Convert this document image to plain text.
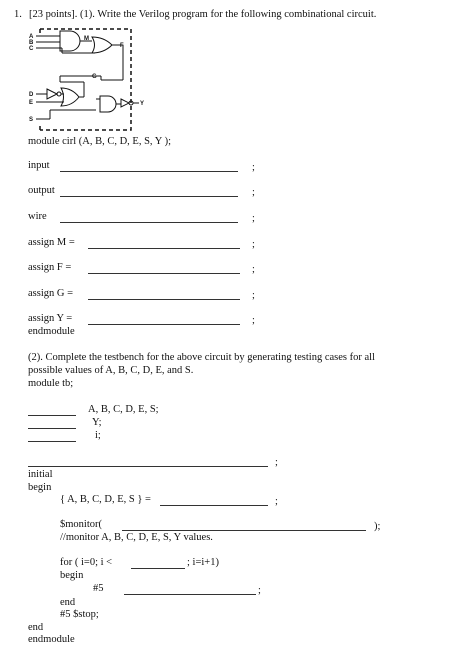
1. [23 points]. (1). Write the Verilog program for the following combinational circuit.
A
B
C
D
E
S
M
F
G
Y
module cirl (A, B, C, D, E, S, Y );
input	;
output	;
wire	;
assign M =	;
assign F =	;
assign G =	;
assign Y =	;
endmodule
(2). Complete the testbench for the above circuit by generating testing cases for all
possible values of A, B, C, D, E, and S.
module tb;
A, B, C, D, E, S;
Y;
i;
;
initial
begin
{ A, B, C, D, E, S } =	;
$monitor(	);
//monitor A, B, C, D, E, S, Y values.
for ( i=0; i <	; i=i+1)
begin
#5	;
end
#5 $stop;
end
endmodule
